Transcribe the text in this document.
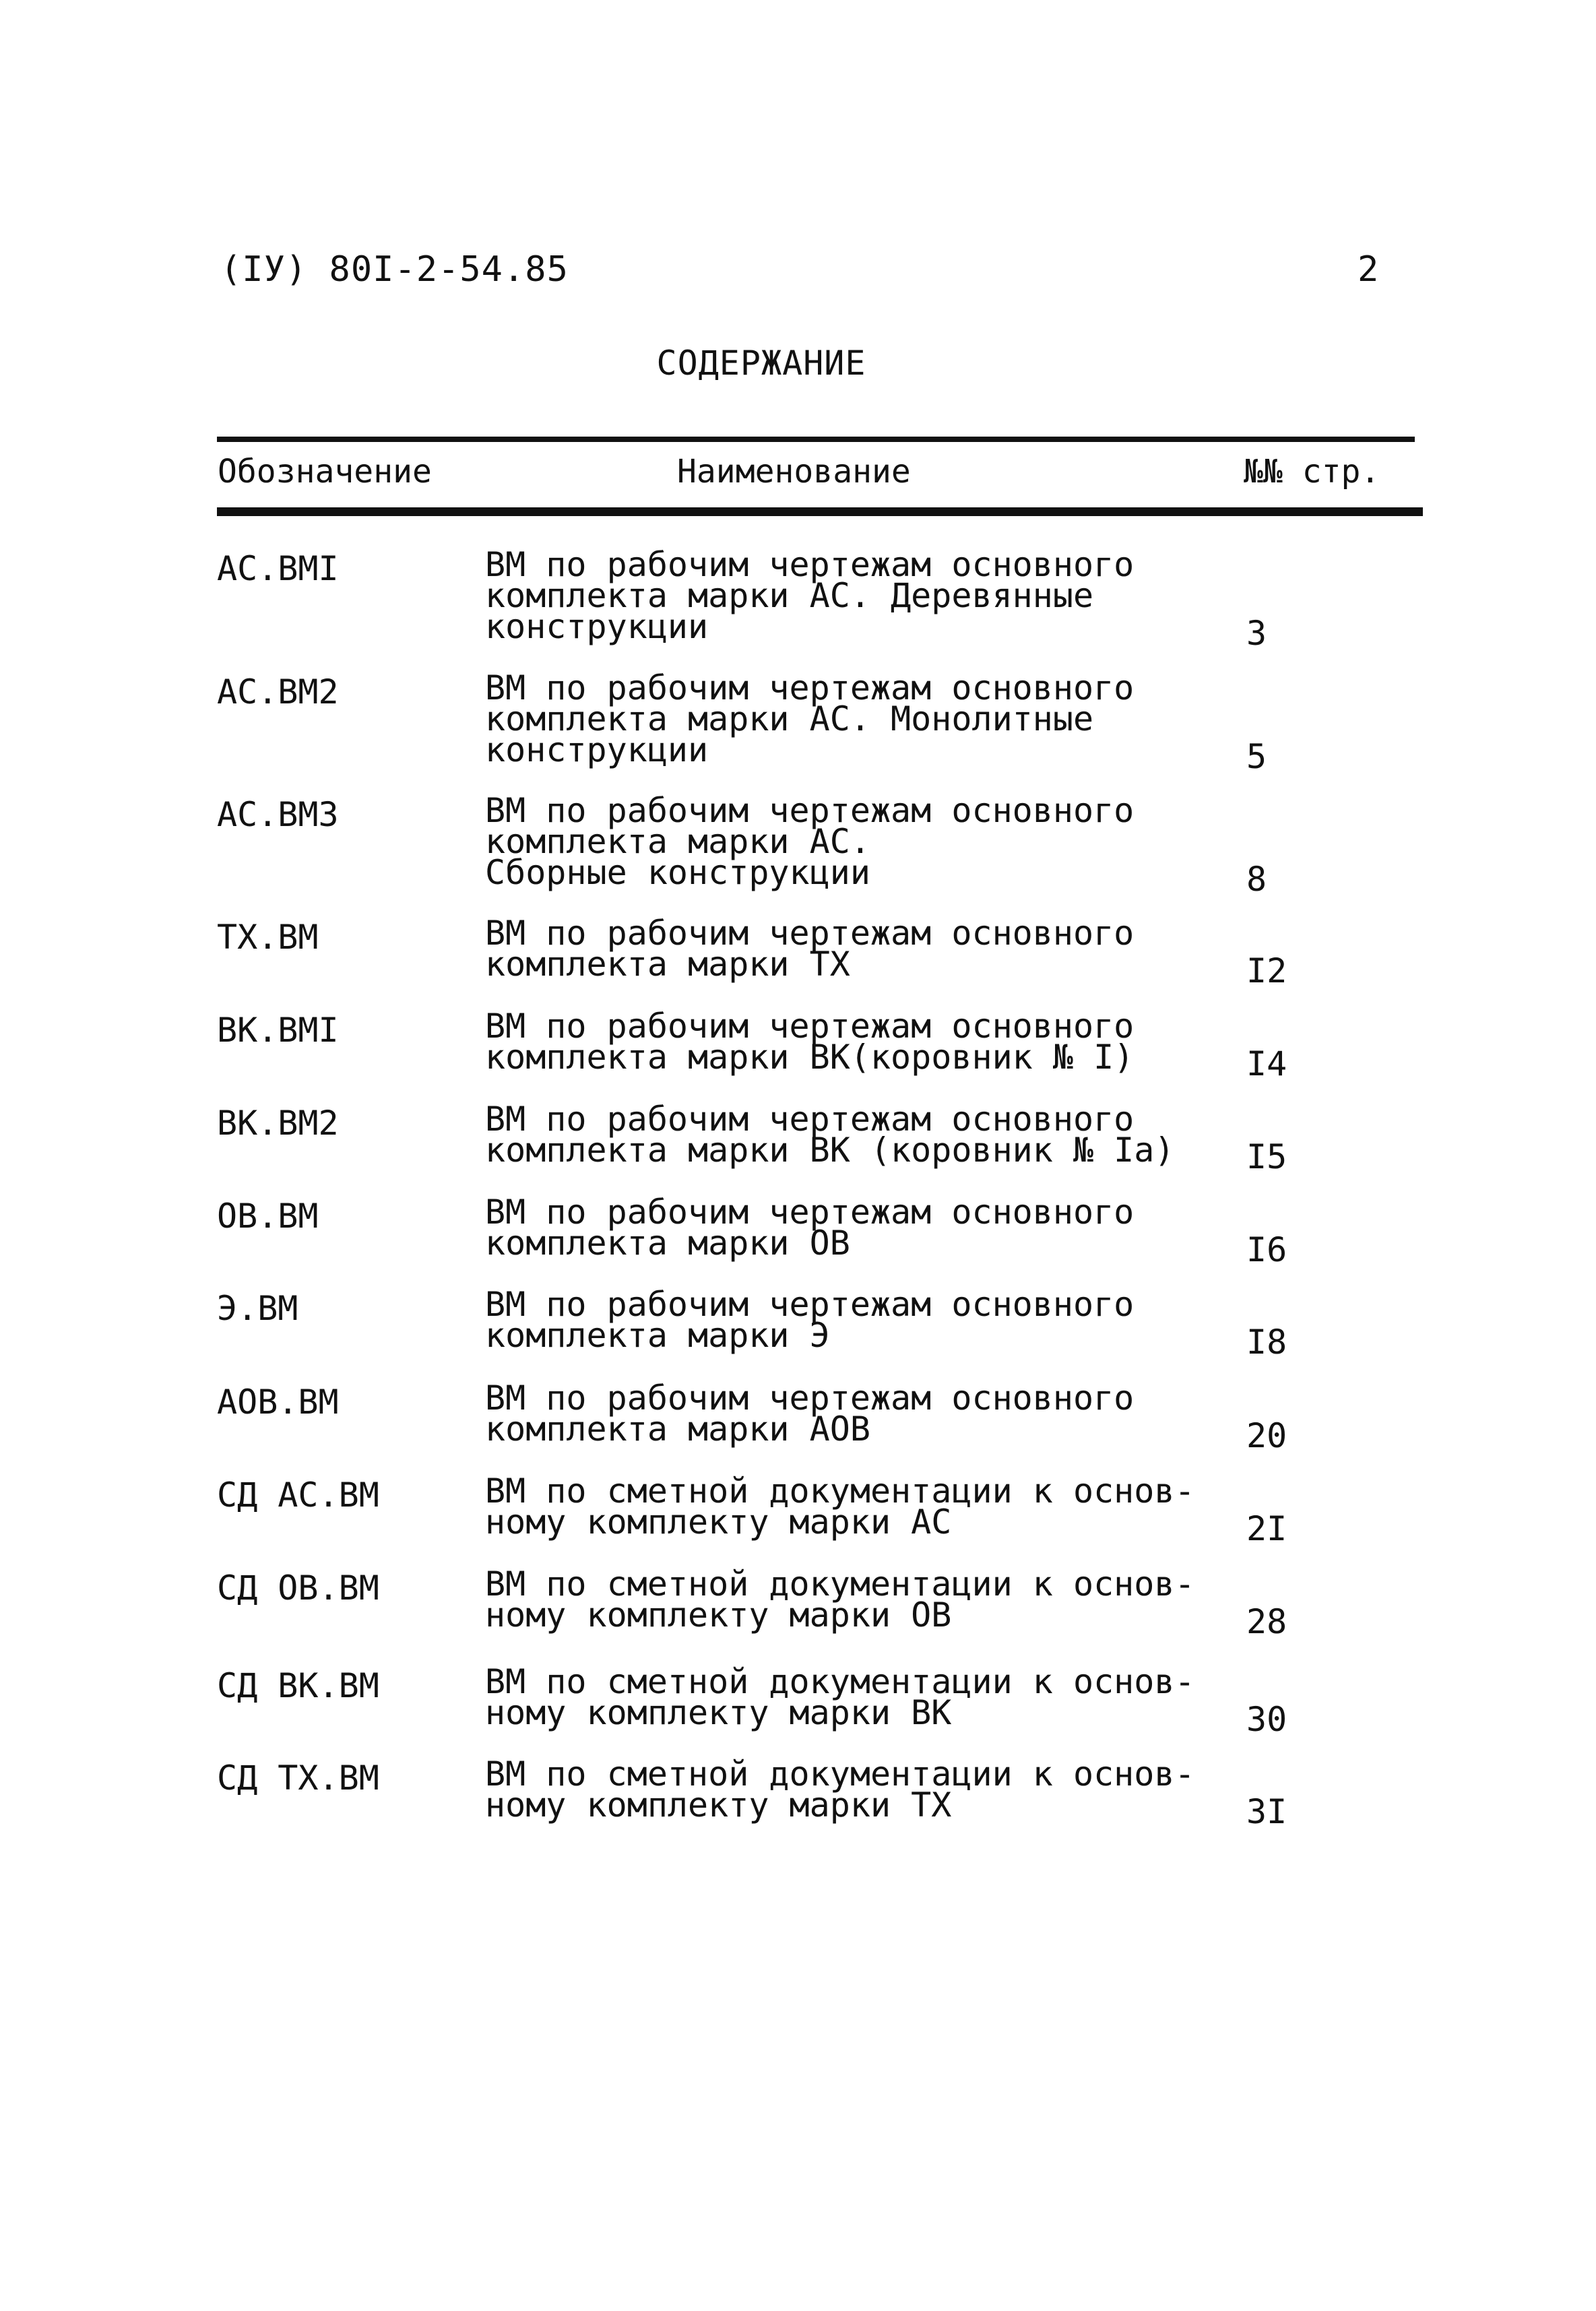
(IУ) 80I-2-54.85	2
СОДЕРЖАНИЕ
Обозначение	Наименование	№№ стр.
АС.ВМI	ВМ по рабочим чертежам основного
комплекта марки АС. Деревянные
конструкции	3
АС.ВМ2	ВМ по рабочим чертежам основного
комплекта марки АС. Монолитные
конструкции	5
АС.ВМ3	ВМ по рабочим чертежам основного
комплекта марки АС.
Сборные конструкции	8
ТХ.ВМ	ВМ по рабочим чертежам основного
комплекта марки ТХ	I2
ВК.ВМI	ВМ по рабочим чертежам основного
комплекта марки ВК(коровник № I)	I4
ВК.ВМ2	ВМ по рабочим чертежам основного
комплекта марки ВК (коровник № Iа)	I5
ОВ.ВМ	ВМ по рабочим чертежам основного
комплекта марки ОВ	I6
Э.ВМ	ВМ по рабочим чертежам основного
комплекта марки Э	I8
АОВ.ВМ	ВМ по рабочим чертежам основного
комплекта марки АОВ	20
СД АС.ВМ	ВМ по сметной документации к основ-
ному комплекту марки АС	2I
СД ОВ.ВМ	ВМ по сметной документации к основ-
ному комплекту марки ОВ	28
СД ВК.ВМ	ВМ по сметной документации к основ-
ному комплекту марки ВК	30
СД ТХ.ВМ	ВМ по сметной документации к основ-
ному комплекту марки ТХ	3I
